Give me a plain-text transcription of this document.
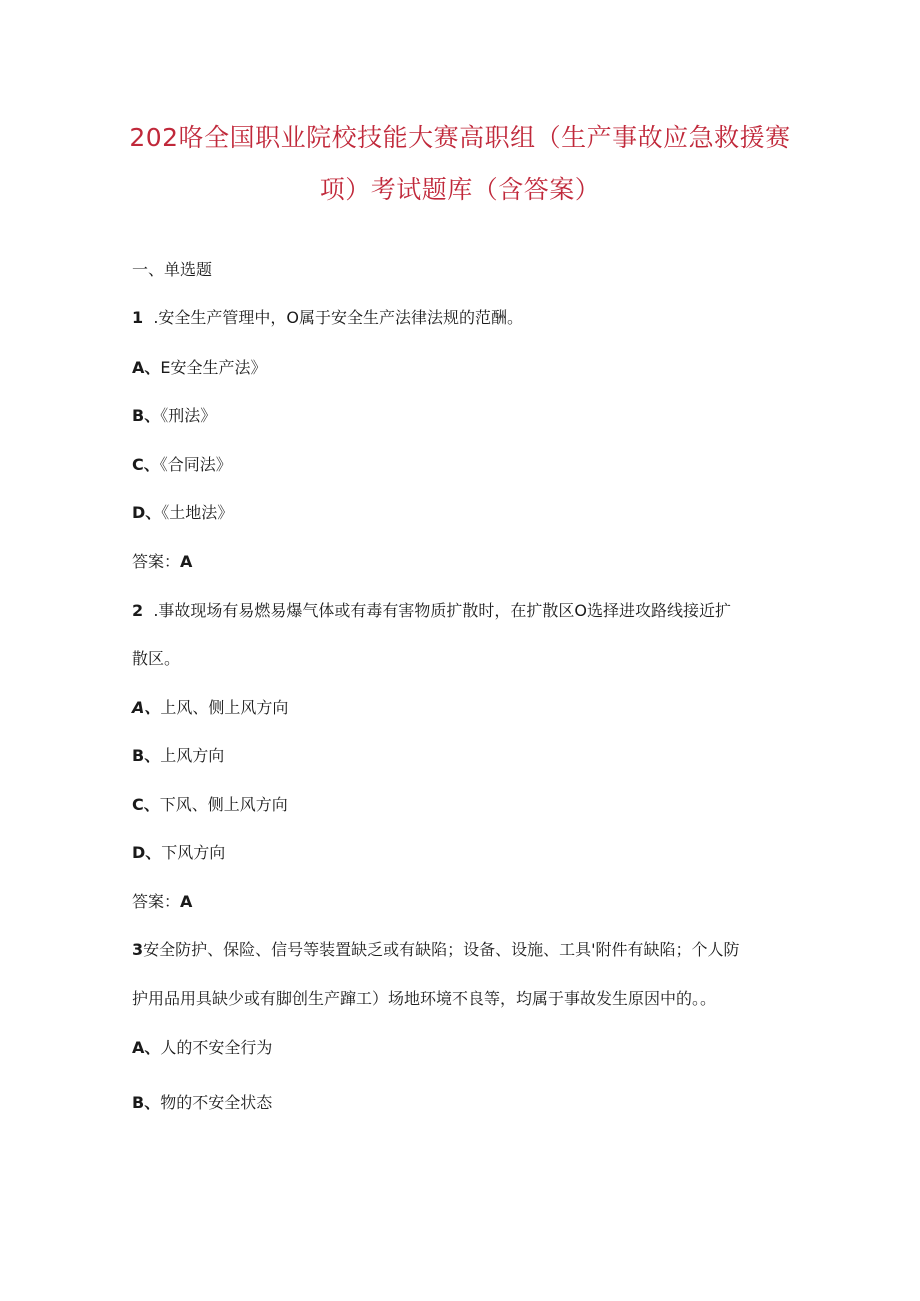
202咯全国职业院校技能大赛高职组（生产事故应急救援赛
项）考试题库（含答案）
一、单选题
1 .安全生产管理中，O属于安全生产法律法规的范酬。
A、E安全生产法》
B、《刑法》
C、《合同法》
D、《土地法》
答案：A
2 .事故现场有易燃易爆气体或有毒有害物质扩散时，在扩散区O选择进攻路线接近扩
散区。
A、上风、侧上风方向
B、上风方向
C、下风、侧上风方向
D、下风方向
答案：A
3安全防护、保险、信号等装置缺乏或有缺陷；设备、设施、工具'附件有缺陷；个人防
护用品用具缺少或有脚创生产蹿工）场地环境不良等，均属于事故发生原因中的。。
A、人的不安全行为
B、物的不安全状态
